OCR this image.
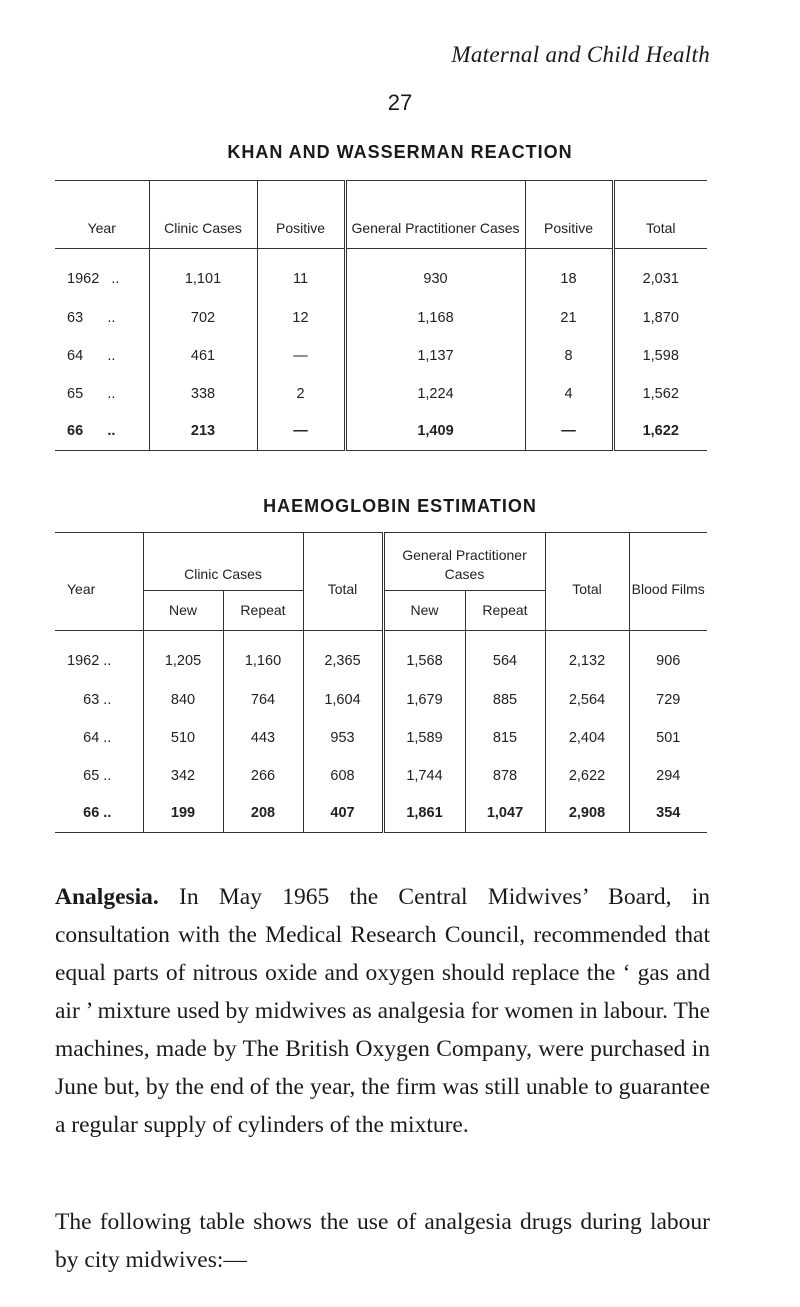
Maternal and Child Health
27
KHAN AND WASSERMAN REACTION
Year	Clinic Cases	Positive	General Practitioner Cases	Positive	Total
1962 ..	1,101	11	930	18	2,031
63 ..	702	12	1,168	21	1,870
64 ..	461	—	1,137	8	1,598
65 ..	338	2	1,224	4	1,562
66 ..	213	—	1,409	—	1,622
HAEMOGLOBIN ESTIMATION
Year	Clinic Cases		Total	General Practitioner Cases		Total	Blood Films
	New	Repeat		New	Repeat		
1962 ..	1,205	1,160	2,365	1,568	564	2,132	906
63 ..	840	764	1,604	1,679	885	2,564	729
64 ..	510	443	953	1,589	815	2,404	501
65 ..	342	266	608	1,744	878	2,622	294
66 ..	199	208	407	1,861	1,047	2,908	354
Analgesia. In May 1965 the Central Midwives’ Board, in consultation with the Medical Research Council, recommended that equal parts of nitrous oxide and oxygen should replace the ‘ gas and air ’ mixture used by midwives as analgesia for women in labour. The machines, made by The British Oxygen Company, were purchased in June but, by the end of the year, the firm was still unable to guarantee a regular supply of cylinders of the mixture.
The following table shows the use of analgesia drugs during labour by city midwives:—
